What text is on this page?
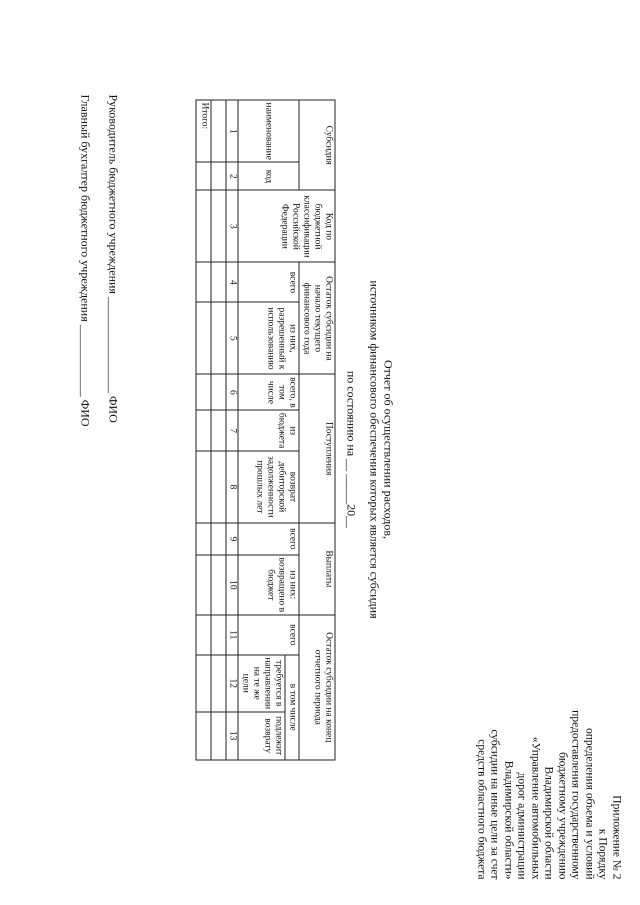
Приложение № 2
к Порядку
определения объема и условий
предоставления государственному
бюджетному учреждению
Владимирской области
«Управление автомобильных
дорог администрации
Владимирской области»
субсидии на иные цели за счет
средств областного бюджета
Отчет об осуществлении расходов,
источником финансового обеспечения которых является субсидия
по состоянию на __ _____20__
Субсидия		Код по бюджетной классификации Российской Федерации	Остаток субсидии на начало текущего финансового года		Поступления			Выплаты		Остаток субсидии на конец отчетного периода		
наименование	код		всего	из них, разрешенный к использованию	всего, в том числе	из бюджета	возврат дебиторской задолженности прошлых лет	всего	из них: возвращено в бюджет	всего	в том числе	
											требуется в направлении на те же цели	подлежит возврату
1	2	3	4	5	6	7	8	9	10	11	12	13

Итого:												
Руководитель бюджетного учреждения ________________ ФИО
Главный бухгалтер бюджетного учреждения ____________ ФИО
